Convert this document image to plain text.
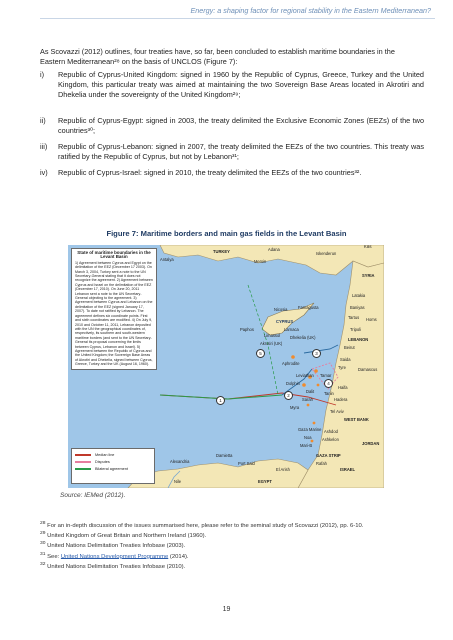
Energy: a shaping factor for regional stability in the Eastern Mediterranean?
As Scovazzi (2012) outlines, four treaties have, so far, been concluded to establish maritime boundaries in the Eastern Mediterranean²⁸ on the basis of UNCLOS (Figure 7):
i)	Republic of Cyprus-United Kingdom: signed in 1960 by the Republic of Cyprus, Greece, Turkey and the United Kingdom, this particular treaty was aimed at maintaining the two Sovereign Base Areas located in Akrotiri and Dhekelia under the sovereignty of the United Kingdom²⁹;
ii)	Republic of Cyprus-Egypt: signed in 2003, the treaty delimited the Exclusive Economic Zones (EEZs) of the two countries³⁰;
iii)	Republic of Cyprus-Lebanon: signed in 2007, the treaty delimited the EEZs of the two countries. This treaty was ratified by the Republic of Cyprus, but not by Lebanon³¹;
iv)	Republic of Cyprus-Israel: signed in 2010, the treaty delimited the EEZs of the two countries³².
Figure 7: Maritime borders and main gas fields in the Levant Basin
State of maritime boundaries in the Levant Basin
1) Agreement between Cyprus and Egypt on the delimitation of the EEZ (December 17 2003). On March 3, 2004, Turkey sent a note to the UN Secretary-General stating that it does not recognize the agreement. 2) Agreement between Cyprus and Israel on the delimitation of the EEZ (December 17, 2010). On June 20, 2011 Lebanon sent a note to the UN Secretary-General objecting to the agreement. 3) Agreement between Cyprus and Lebanon on the delimitation of the EEZ (signed January 17, 2007). To date not ratified by Lebanon. The agreement defines six coordinate points. First and sixth coordinates are modified. 4) On July 9, 2010 and October 11, 2011, Lebanon deposited with the UN the geographical coordinates of, respectively, its southern and south-western maritime borders (and sent to the UN Secretary-General its proposal concerning the limits between Cyprus, Lebanon and Israel). 5) Agreement between the Republic of Cyprus and the United Kingdom; the Sovereign Base Areas of Akrotiri and Dhekelia, signed between Cyprus, Greece, Turkey and the UK (August 16, 1960).
Median line
Disputes
Bilateral agreement
TURKEY	Adana
Iskenderun
Kilis
Mersin
Antalya
SYRIA
Latakia
Baniyas
Tartus Homs
Tripoli
LEBANON
Beirut
Saida
Tyre	Damascus
CYPRUS
Nicosia	Famagusta
Larnaca
Limassol
Paphos
Akrotiri (UK)
Dhekelia (UK)
Aphrodite
Leviathan Tamar
Dalit
Sarah
Tanin
Dolphin
Myra
Haifa
Hadera
Tel Aviv
WEST BANK
JORDAN
GAZA STRIP
ISRAEL
Ashdod
Ashkelon
Gaza Marine
Noa
Mari-B
Rafah
El Arish
Port Said
Damietta
Alexandria
EGYPT
Nile
1
2
3
4
5
Source: IEMed (2012).
$^{28}$ For an in-depth discussion of the issues summarised here, please refer to the seminal study of Scovazzi (2012), pp. 6-10.
$^{29}$ United Kingdom of Great Britain and Northern Ireland (1960).
$^{30}$ United Nations Delimitation Treaties Infobase (2003).
$^{31}$ See: United Nations Development Programme (2014).
$^{32}$ United Nations Delimitation Treaties Infobase (2010).
19
